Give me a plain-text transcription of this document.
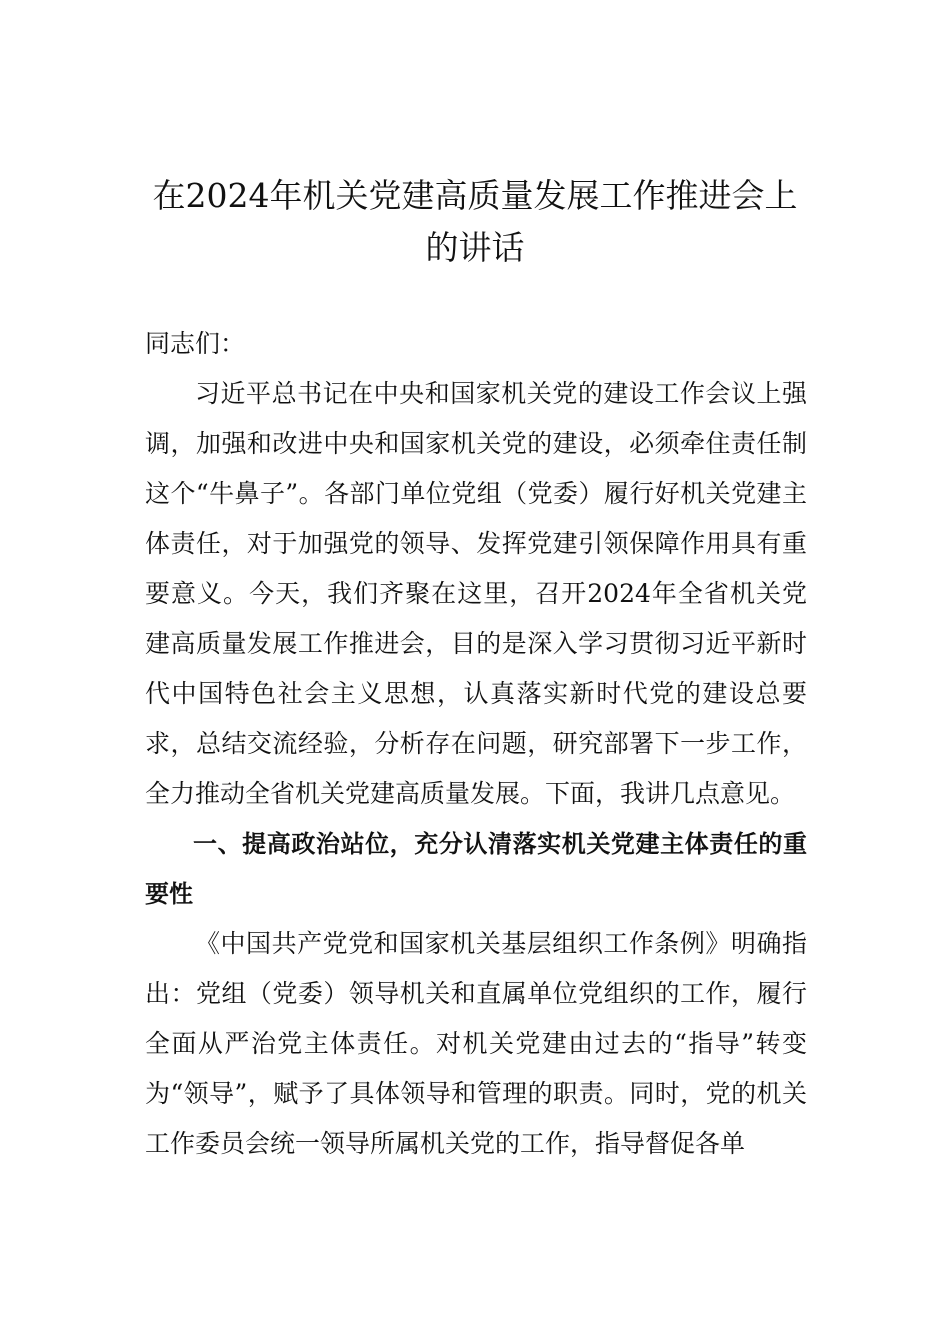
在2024年机关党建高质量发展工作推进会上的讲话

同志们：

习近平总书记在中央和国家机关党的建设工作会议上强调，加强和改进中央和国家机关党的建设，必须牵住责任制这个“牛鼻子”。各部门单位党组（党委）履行好机关党建主体责任，对于加强党的领导、发挥党建引领保障作用具有重要意义。今天，我们齐聚在这里，召开2024年全省机关党建高质量发展工作推进会，目的是深入学习贯彻习近平新时代中国特色社会主义思想，认真落实新时代党的建设总要求，总结交流经验，分析存在问题，研究部署下一步工作，全力推动全省机关党建高质量发展。下面，我讲几点意见。

一、提高政治站位，充分认清落实机关党建主体责任的重要性

《中国共产党党和国家机关基层组织工作条例》明确指出：党组（党委）领导机关和直属单位党组织的工作，履行全面从严治党主体责任。对机关党建由过去的“指导”转变为“领导”，赋予了具体领导和管理的职责。同时，党的机关工作委员会统一领导所属机关党的工作，指导督促各单
